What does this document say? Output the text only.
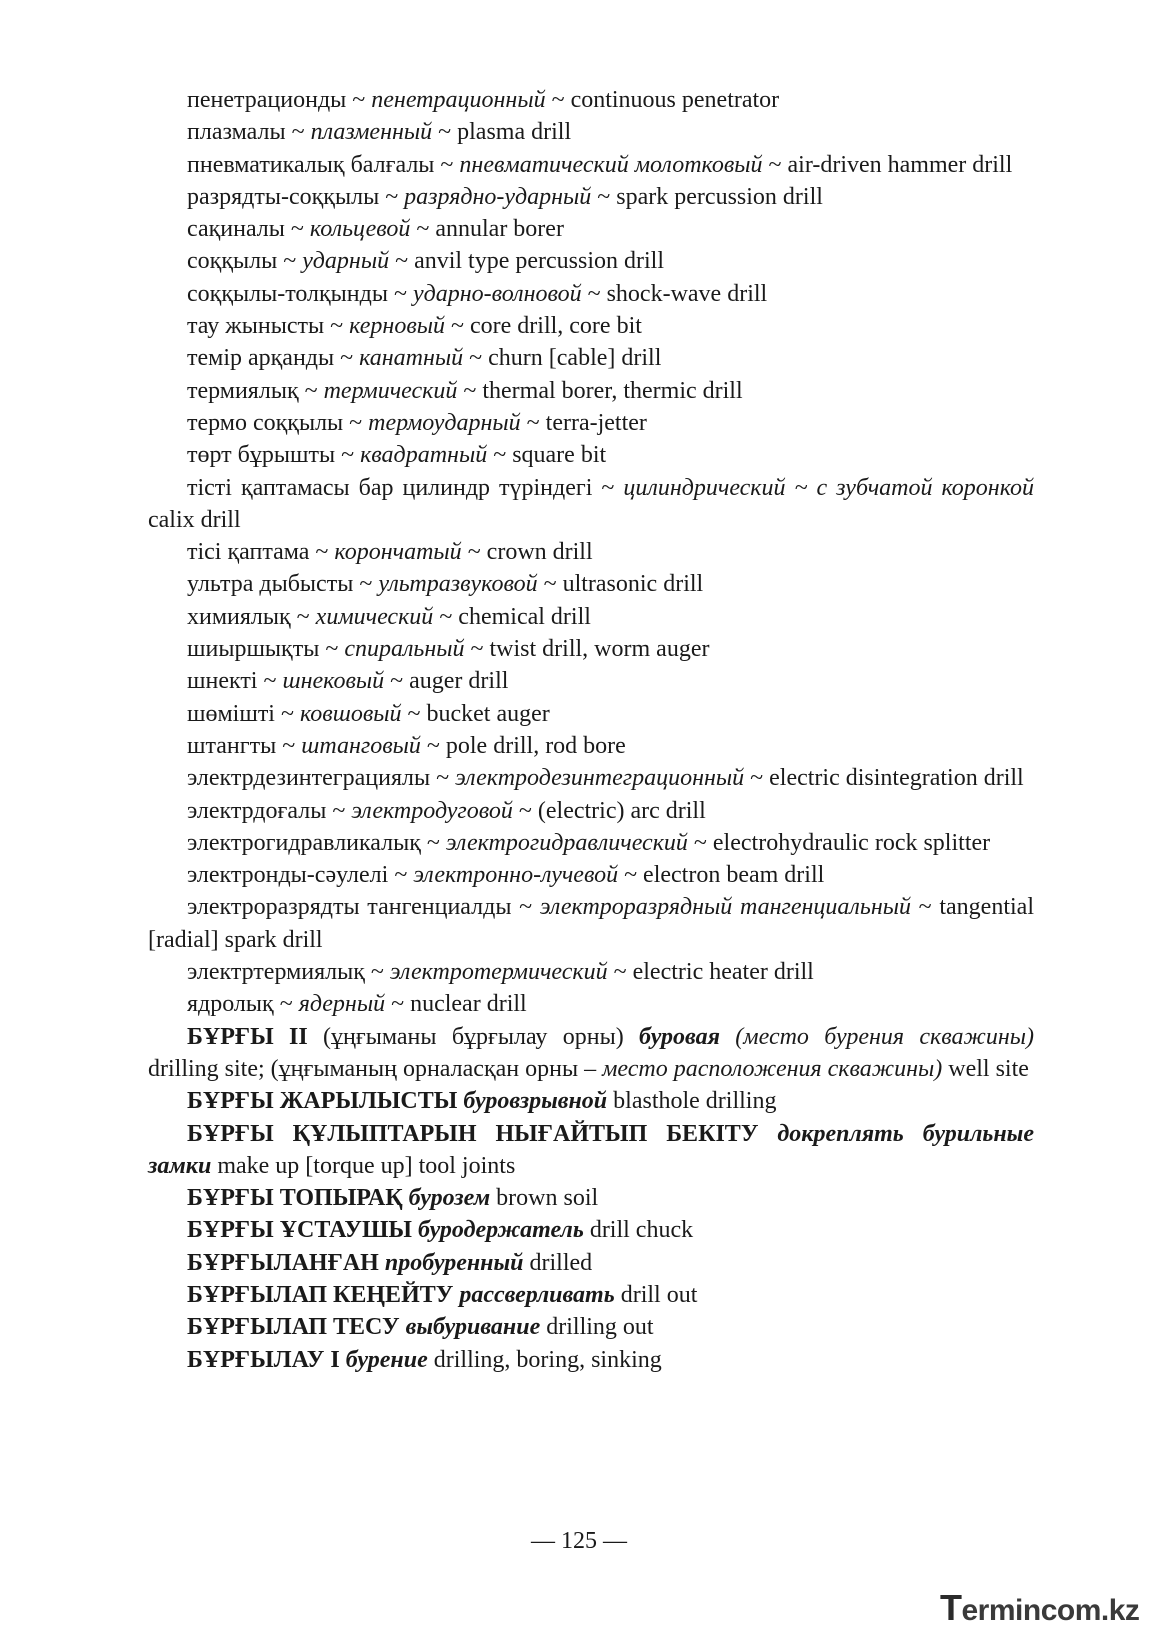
пенетрационды ~ пенетрационный ~ continuous penetrator

плазмалы ~ плазменный ~ plasma drill

пневматикалық балғалы ~ пневматический молотковый ~ air-driven hammer drill

разрядты-соққылы ~ разрядно-ударный ~ spark percussion drill

сақиналы ~ кольцевой ~ annular borer

соққылы ~ ударный ~ anvil type percussion drill

соққылы-толқынды ~ ударно-волновой ~ shock-wave drill

тау жынысты ~ керновый ~ core drill, core bit

темір арқанды ~ канатный ~ churn [cable] drill

термиялық ~ термический ~ thermal borer, thermic drill

термо соққылы ~ термоударный ~ terra-jetter

төрт бұрышты ~ квадратный ~ square bit

тісті қаптамасы бар цилиндр түріндегі ~ цилиндрический ~ с зубчатой коронкой calix drill

тісі қаптама ~ корончатый ~ crown drill

ультра дыбысты ~ ультразвуковой ~ ultrasonic drill

химиялық ~ химический ~ chemical drill

шиыршықты ~ спиральный ~ twist drill, worm auger

шнекті ~ шнековый ~ auger drill

шөмішті ~ ковшовый ~ bucket auger

штангты ~ штанговый ~ pole drill, rod bore

электрдезинтеграциялы ~ электродезинтеграционный ~ electric disintegration drill

электрдоғалы ~ электродуговой ~ (electric) arc drill

электрогидравликалық ~ электрогидравлический ~ electrohydraulic rock splitter

электронды-сәулелі ~ электронно-лучевой ~ electron beam drill

электроразрядты тангенциалды ~ электроразрядный тангенциальный ~ tangential [radial] spark drill

электртермиялық ~ электротермический ~ electric heater drill

ядролық ~ ядерный ~ nuclear drill

БҰРҒЫ II (ұңғыманы бұрғылау орны) буровая (место бурения скважины) drilling site; (ұңғыманың орналасқан орны – место расположения скважины) well site

БҰРҒЫ ЖАРЫЛЫСТЫ буровзрывной blasthole drilling

БҰРҒЫ ҚҰЛЫПТАРЫН НЫҒАЙТЫП БЕКІТУ докреплять бурильные замки make up [torque up] tool joints

БҰРҒЫ ТОПЫРАҚ бурозем brown soil

БҰРҒЫ ҰСТАУШЫ буродержатель drill chuck

БҰРҒЫЛАНҒАН пробуренный drilled

БҰРҒЫЛАП КЕҢЕЙТУ рассверливать drill out

БҰРҒЫЛАП ТЕСУ выбуривание drilling out

БҰРҒЫЛАУ I бурение drilling, boring, sinking

— 125 —
Termincom.kz
